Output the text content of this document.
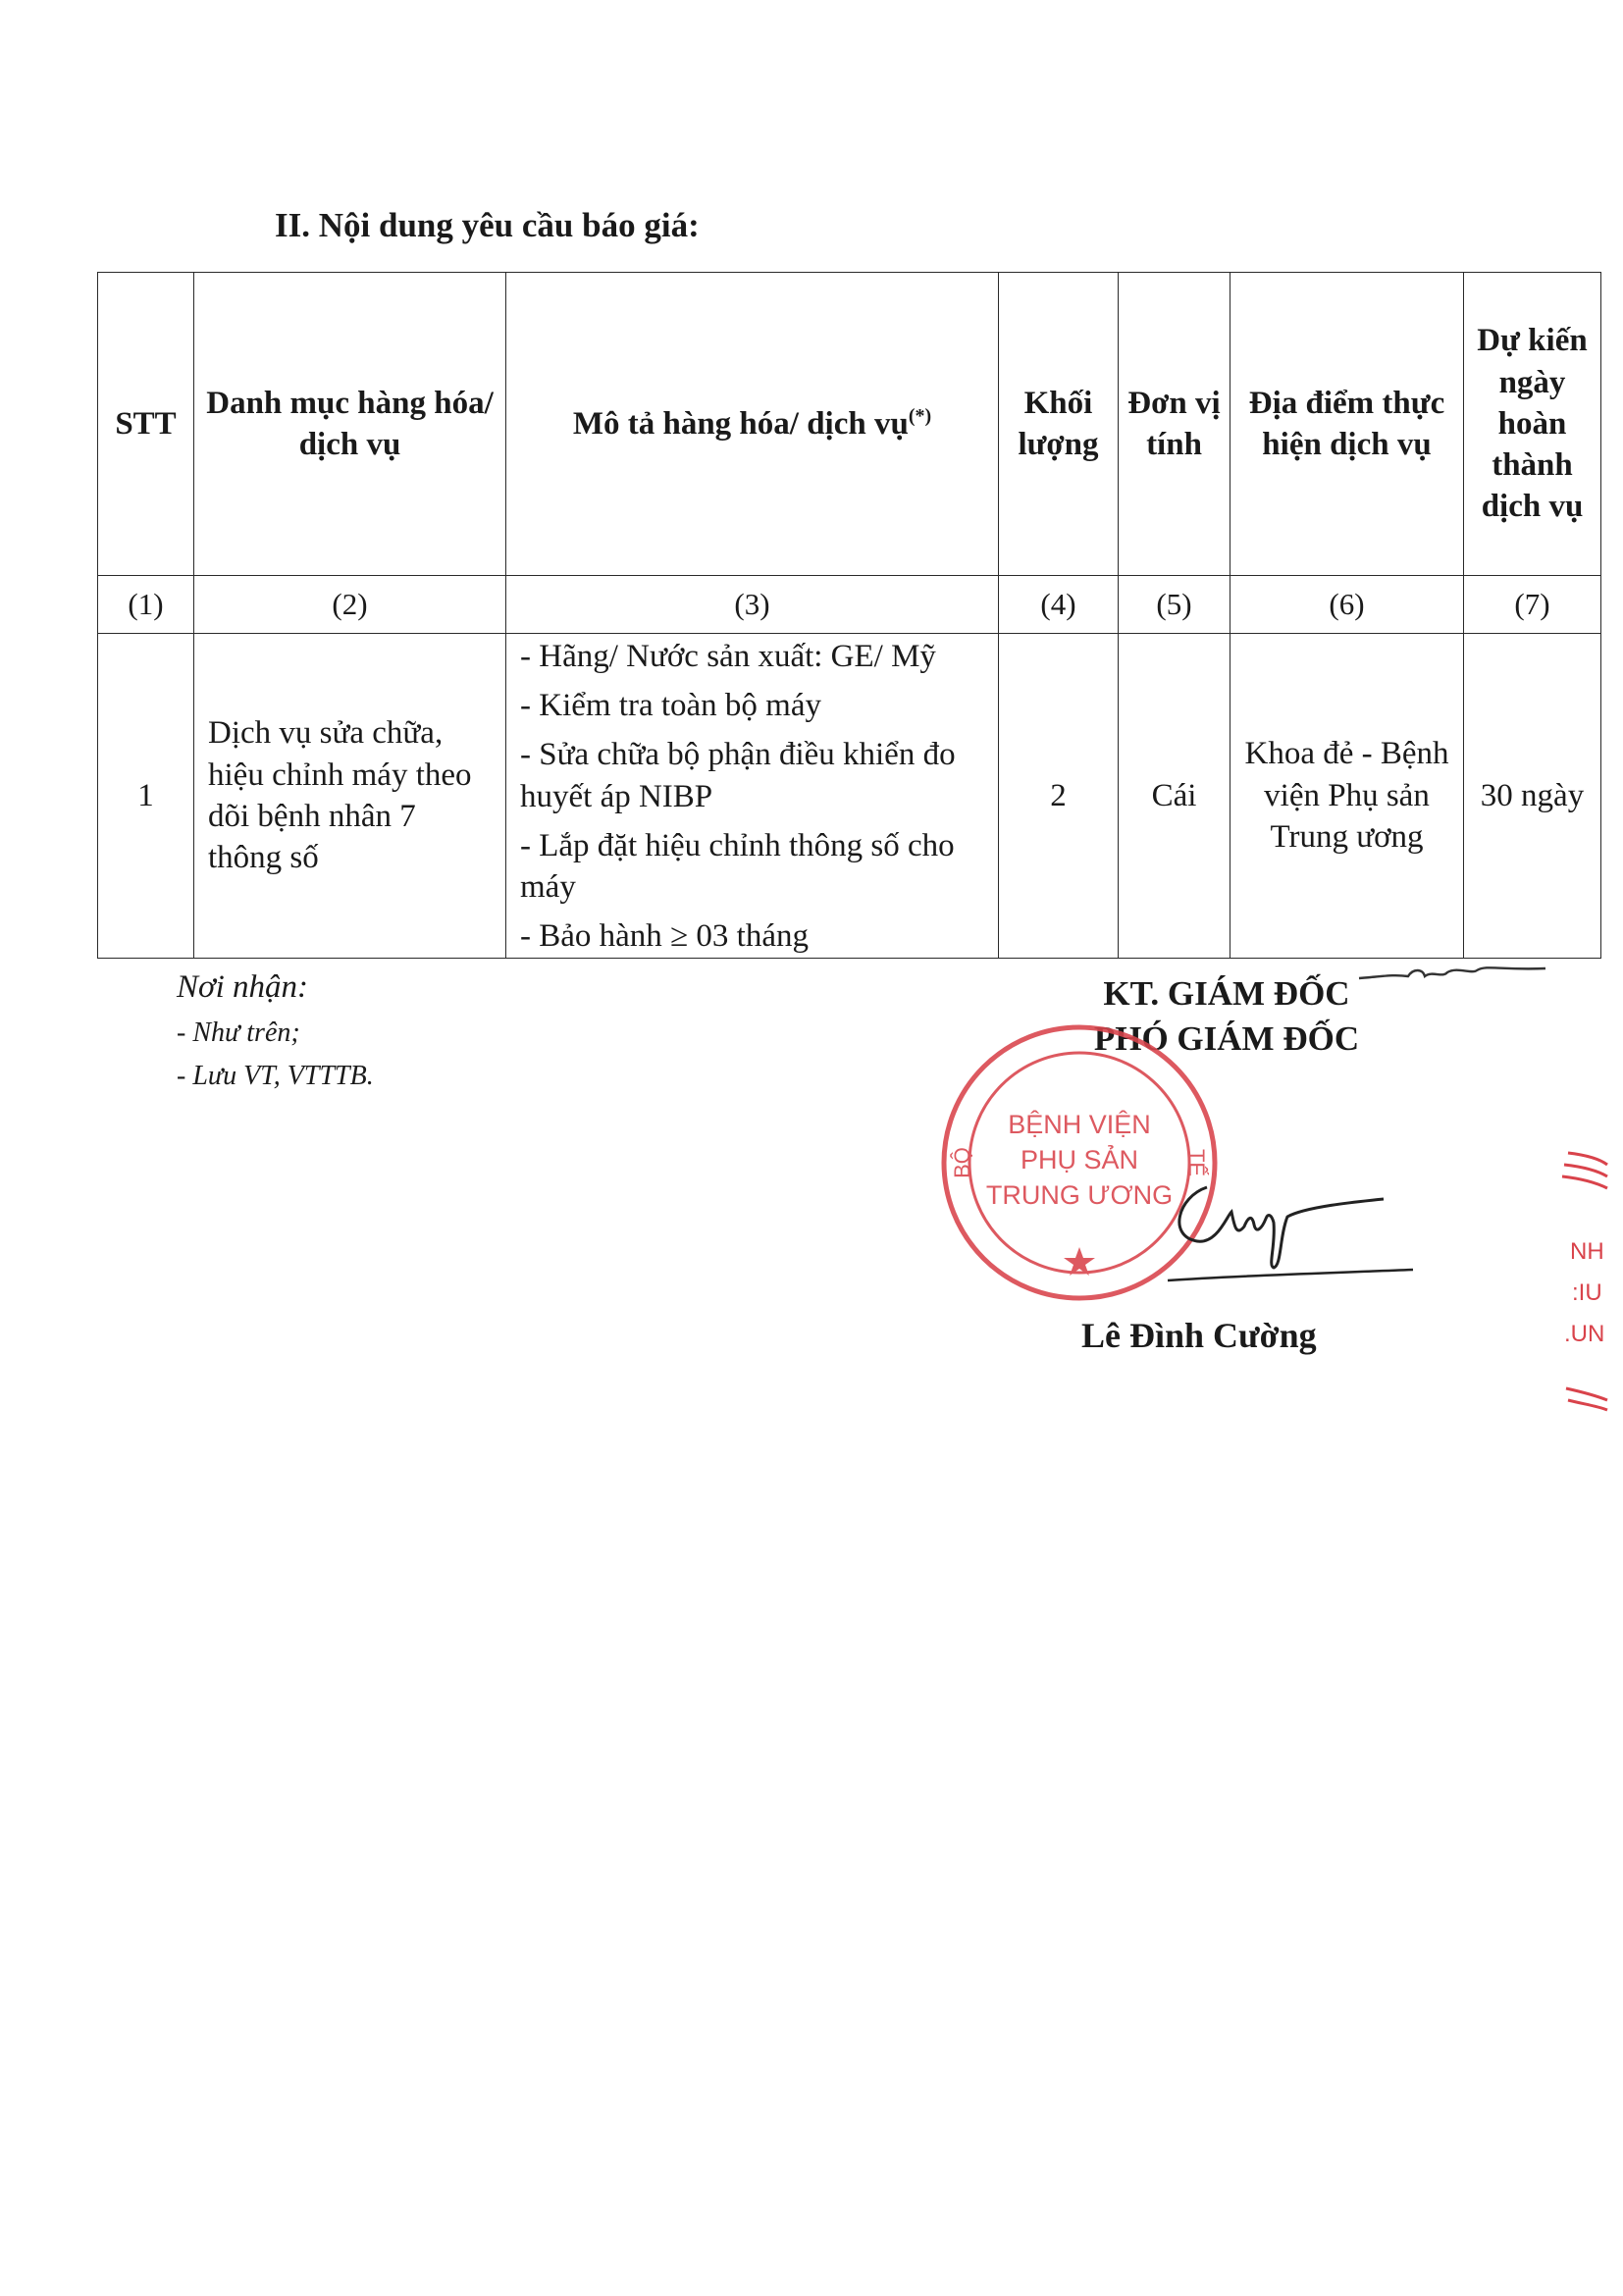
II. Nội dung yêu cầu báo giá:
STT	Danh mục hàng hóa/ dịch vụ	Mô tả hàng hóa/ dịch vụ(*)	Khối lượng	Đơn vị tính	Địa điểm thực hiện dịch vụ	Dự kiến ngày hoàn thành dịch vụ
(1)	(2)	(3)	(4)	(5)	(6)	(7)
1	Dịch vụ sửa chữa, hiệu chỉnh máy theo dõi bệnh nhân 7 thông số	- Hãng/ Nước sản xuất: GE/ Mỹ
- Kiểm tra toàn bộ máy
- Sửa chữa bộ phận điều khiển đo huyết áp NIBP
- Lắp đặt hiệu chỉnh thông số cho máy
- Bảo hành ≥ 03 tháng	2	Cái	Khoa đẻ - Bệnh viện Phụ sản Trung ương	30 ngày
Nơi nhận:
- Như trên;
- Lưu VT, VTTTB.
KT. GIÁM ĐỐC
PHÓ GIÁM ĐỐC
BỆNH VIỆN
PHỤ SẢN
TRUNG ƯƠNG
BỘ	TẾ
Lê Đình Cường
NH
:IU
.UN
